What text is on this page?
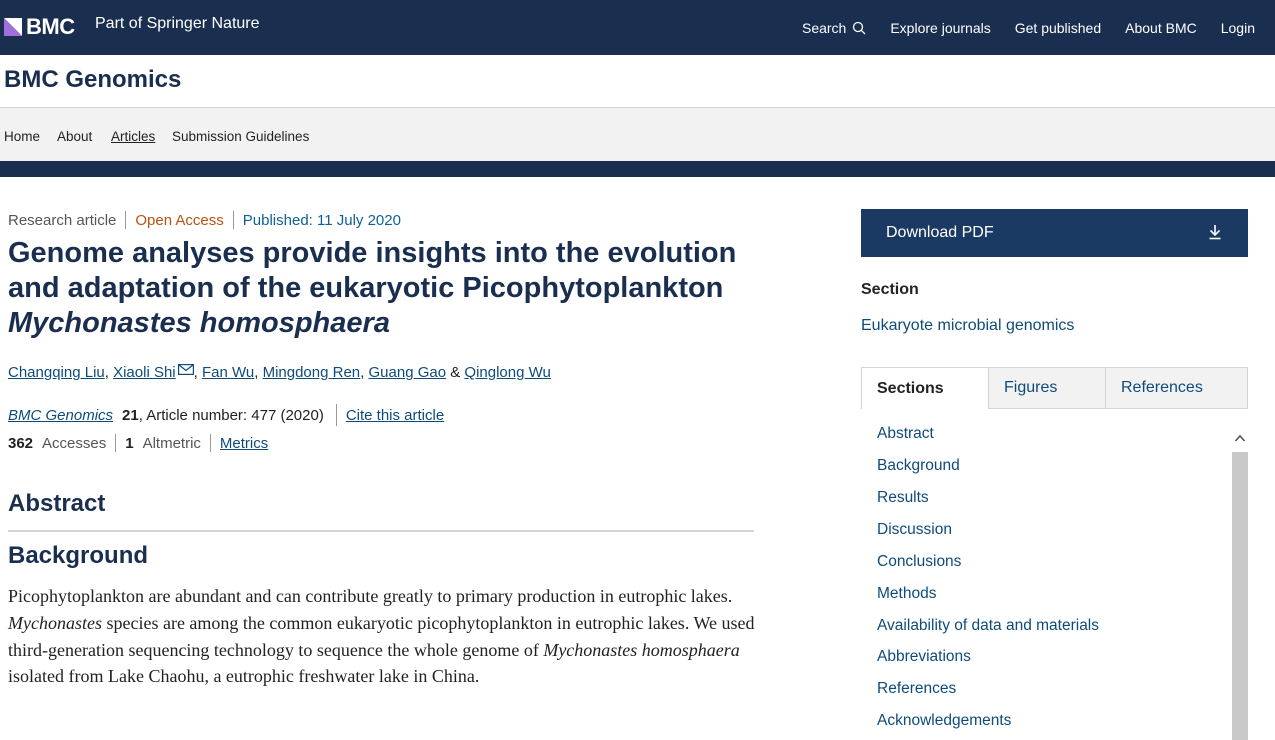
BMC Part of Springer Nature	Search	Explore journals Get published About BMC Login
BMC Genomics
Home About Articles Submission Guidelines
Research article Open Access Published: 11 July 2020
Genome analyses provide insights into the evolution
and adaptation of the eukaryotic Picophytoplankton
Mychonastes homosphaera
Changqing Liu, Xiaoli Shi , Fan Wu, Mingdong Ren, Guang Gao & Qinglong Wu
BMC Genomics 21 , Article number: 477 (2020) Cite this article
362 Accesses 1 Altmetric Metrics
Abstract
Background

Picophytoplankton are abundant and can contribute greatly to primary production in eutrophic lakes. Mychonastes species are among the common eukaryotic picophytoplankton in eutrophic lakes. We used third-generation sequencing technology to sequence the whole genome of Mychonastes homosphaera isolated from Lake Chaohu, a eutrophic freshwater lake in China.

Download PDF
Section
Eukaryote microbial genomics
Sections	Figures	References
Abstract
Background
Results
Discussion
Conclusions
Methods
Availability of data and materials
Abbreviations
References
Acknowledgements
